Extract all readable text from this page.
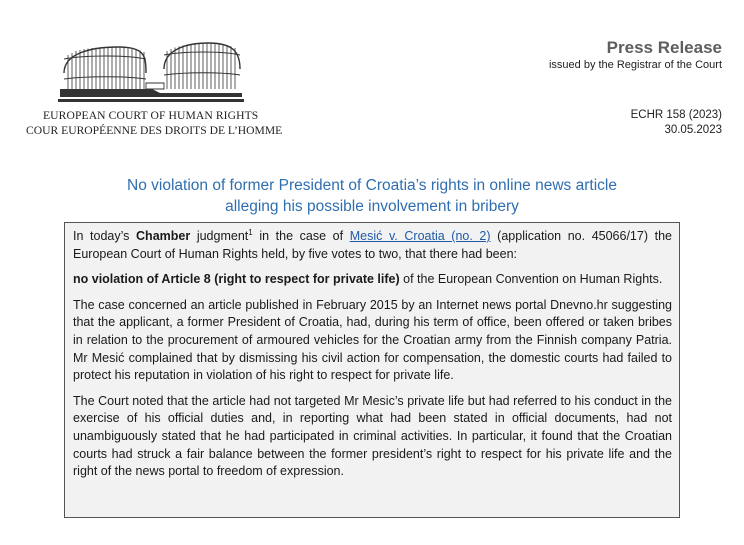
EUROPEAN COURT OF HUMAN RIGHTS
COUR EUROPÉENNE DES DROITS DE L’HOMME
Press Release
issued by the Registrar of the Court
ECHR 158 (2023)
30.05.2023
No violation of former President of Croatia’s rights in online news article
alleging his possible involvement in bribery

In today’s Chamber judgment$^1$ in the case of Mesić v. Croatia (no. 2) (application no. 45066/17) the European Court of Human Rights held, by five votes to two, that there had been:

no violation of Article 8 (right to respect for private life) of the European Convention on Human Rights.

The case concerned an article published in February 2015 by an Internet news portal Dnevno.hr suggesting that the applicant, a former President of Croatia, had, during his term of office, been offered or taken bribes in relation to the procurement of armoured vehicles for the Croatian army from the Finnish company Patria. Mr Mesić complained that by dismissing his civil action for compensation, the domestic courts had failed to protect his reputation in violation of his right to respect for private life.

The Court noted that the article had not targeted Mr Mesic’s private life but had referred to his conduct in the exercise of his official duties and, in reporting what had been stated in official documents, had not unambiguously stated that he had participated in criminal activities. In particular, it found that the Croatian courts had struck a fair balance between the former president’s right to respect for his private life and the right of the news portal to freedom of expression.
